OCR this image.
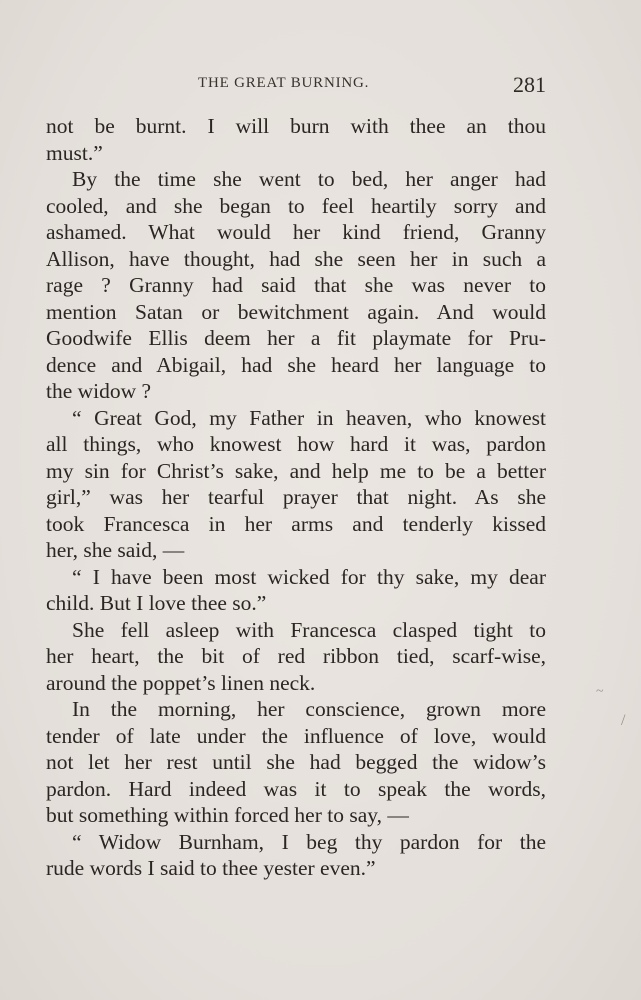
THE GREAT BURNING.	281
not be burnt. I will burn with thee an thou
must.”
By the time she went to bed, her anger had
cooled, and she began to feel heartily sorry and
ashamed. What would her kind friend, Granny
Allison, have thought, had she seen her in such a
rage ? Granny had said that she was never to
mention Satan or bewitchment again. And would
Goodwife Ellis deem her a fit playmate for Pru-
dence and Abigail, had she heard her language to
the widow ?
“ Great God, my Father in heaven, who knowest
all things, who knowest how hard it was, pardon
my sin for Christ’s sake, and help me to be a better
girl,” was her tearful prayer that night. As she
took Francesca in her arms and tenderly kissed
her, she said, —
“ I have been most wicked for thy sake, my dear
child. But I love thee so.”
She fell asleep with Francesca clasped tight to
her heart, the bit of red ribbon tied, scarf-wise,
around the poppet’s linen neck.
In the morning, her conscience, grown more
tender of late under the influence of love, would
not let her rest until she had begged the widow’s
pardon. Hard indeed was it to speak the words,
but something within forced her to say, —
“ Widow Burnham, I beg thy pardon for the
rude words I said to thee yester even.”
~
/
